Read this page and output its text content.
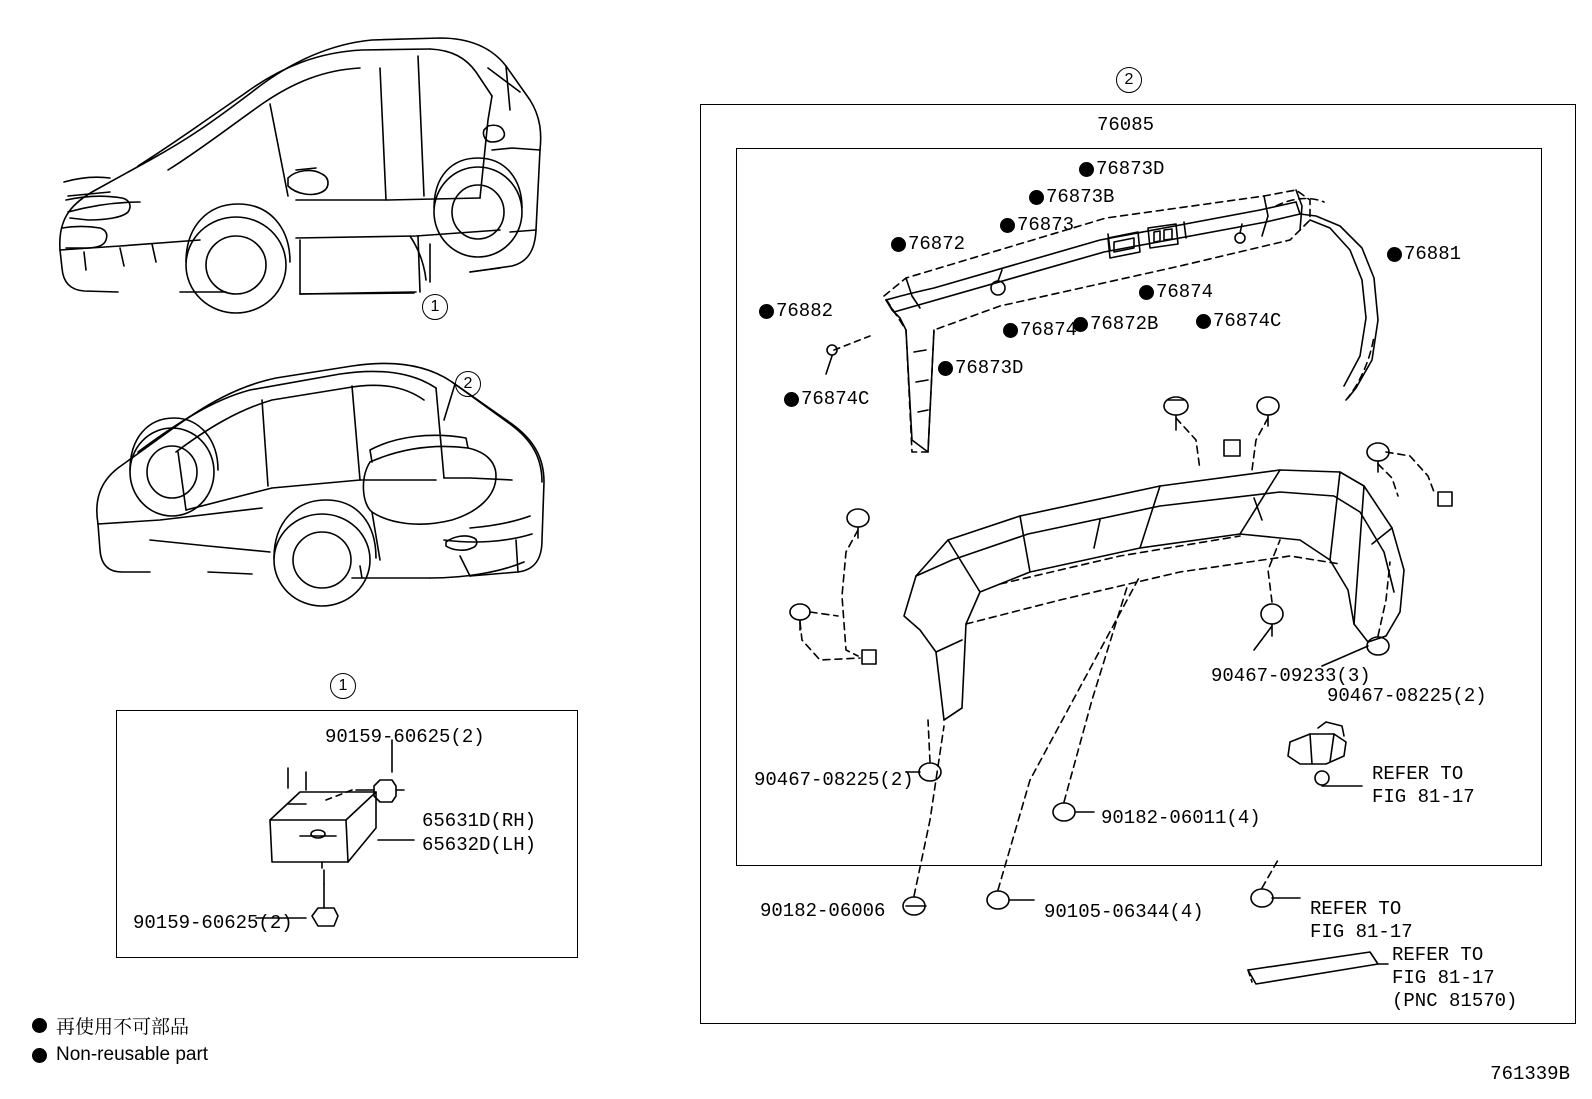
1
2
1
2
90159-60625(2)
65631D(RH)
65632D(LH)
90159-60625(2)
76085
76873D
76873B
76873
76872	76881
76874
76882	76874C
76872B
76874
76873D
76874C
90467-09233(3)
90467-08225(2)
90467-08225(2)
90182-06011(4)
90182-06006	90105-06344(4)
REFER TO
FIG 81-17
REFER TO
FIG 81-17
REFER TO
FIG 81-17
(PNC 81570)
再使用不可部品
Non-reusable part
761339B
